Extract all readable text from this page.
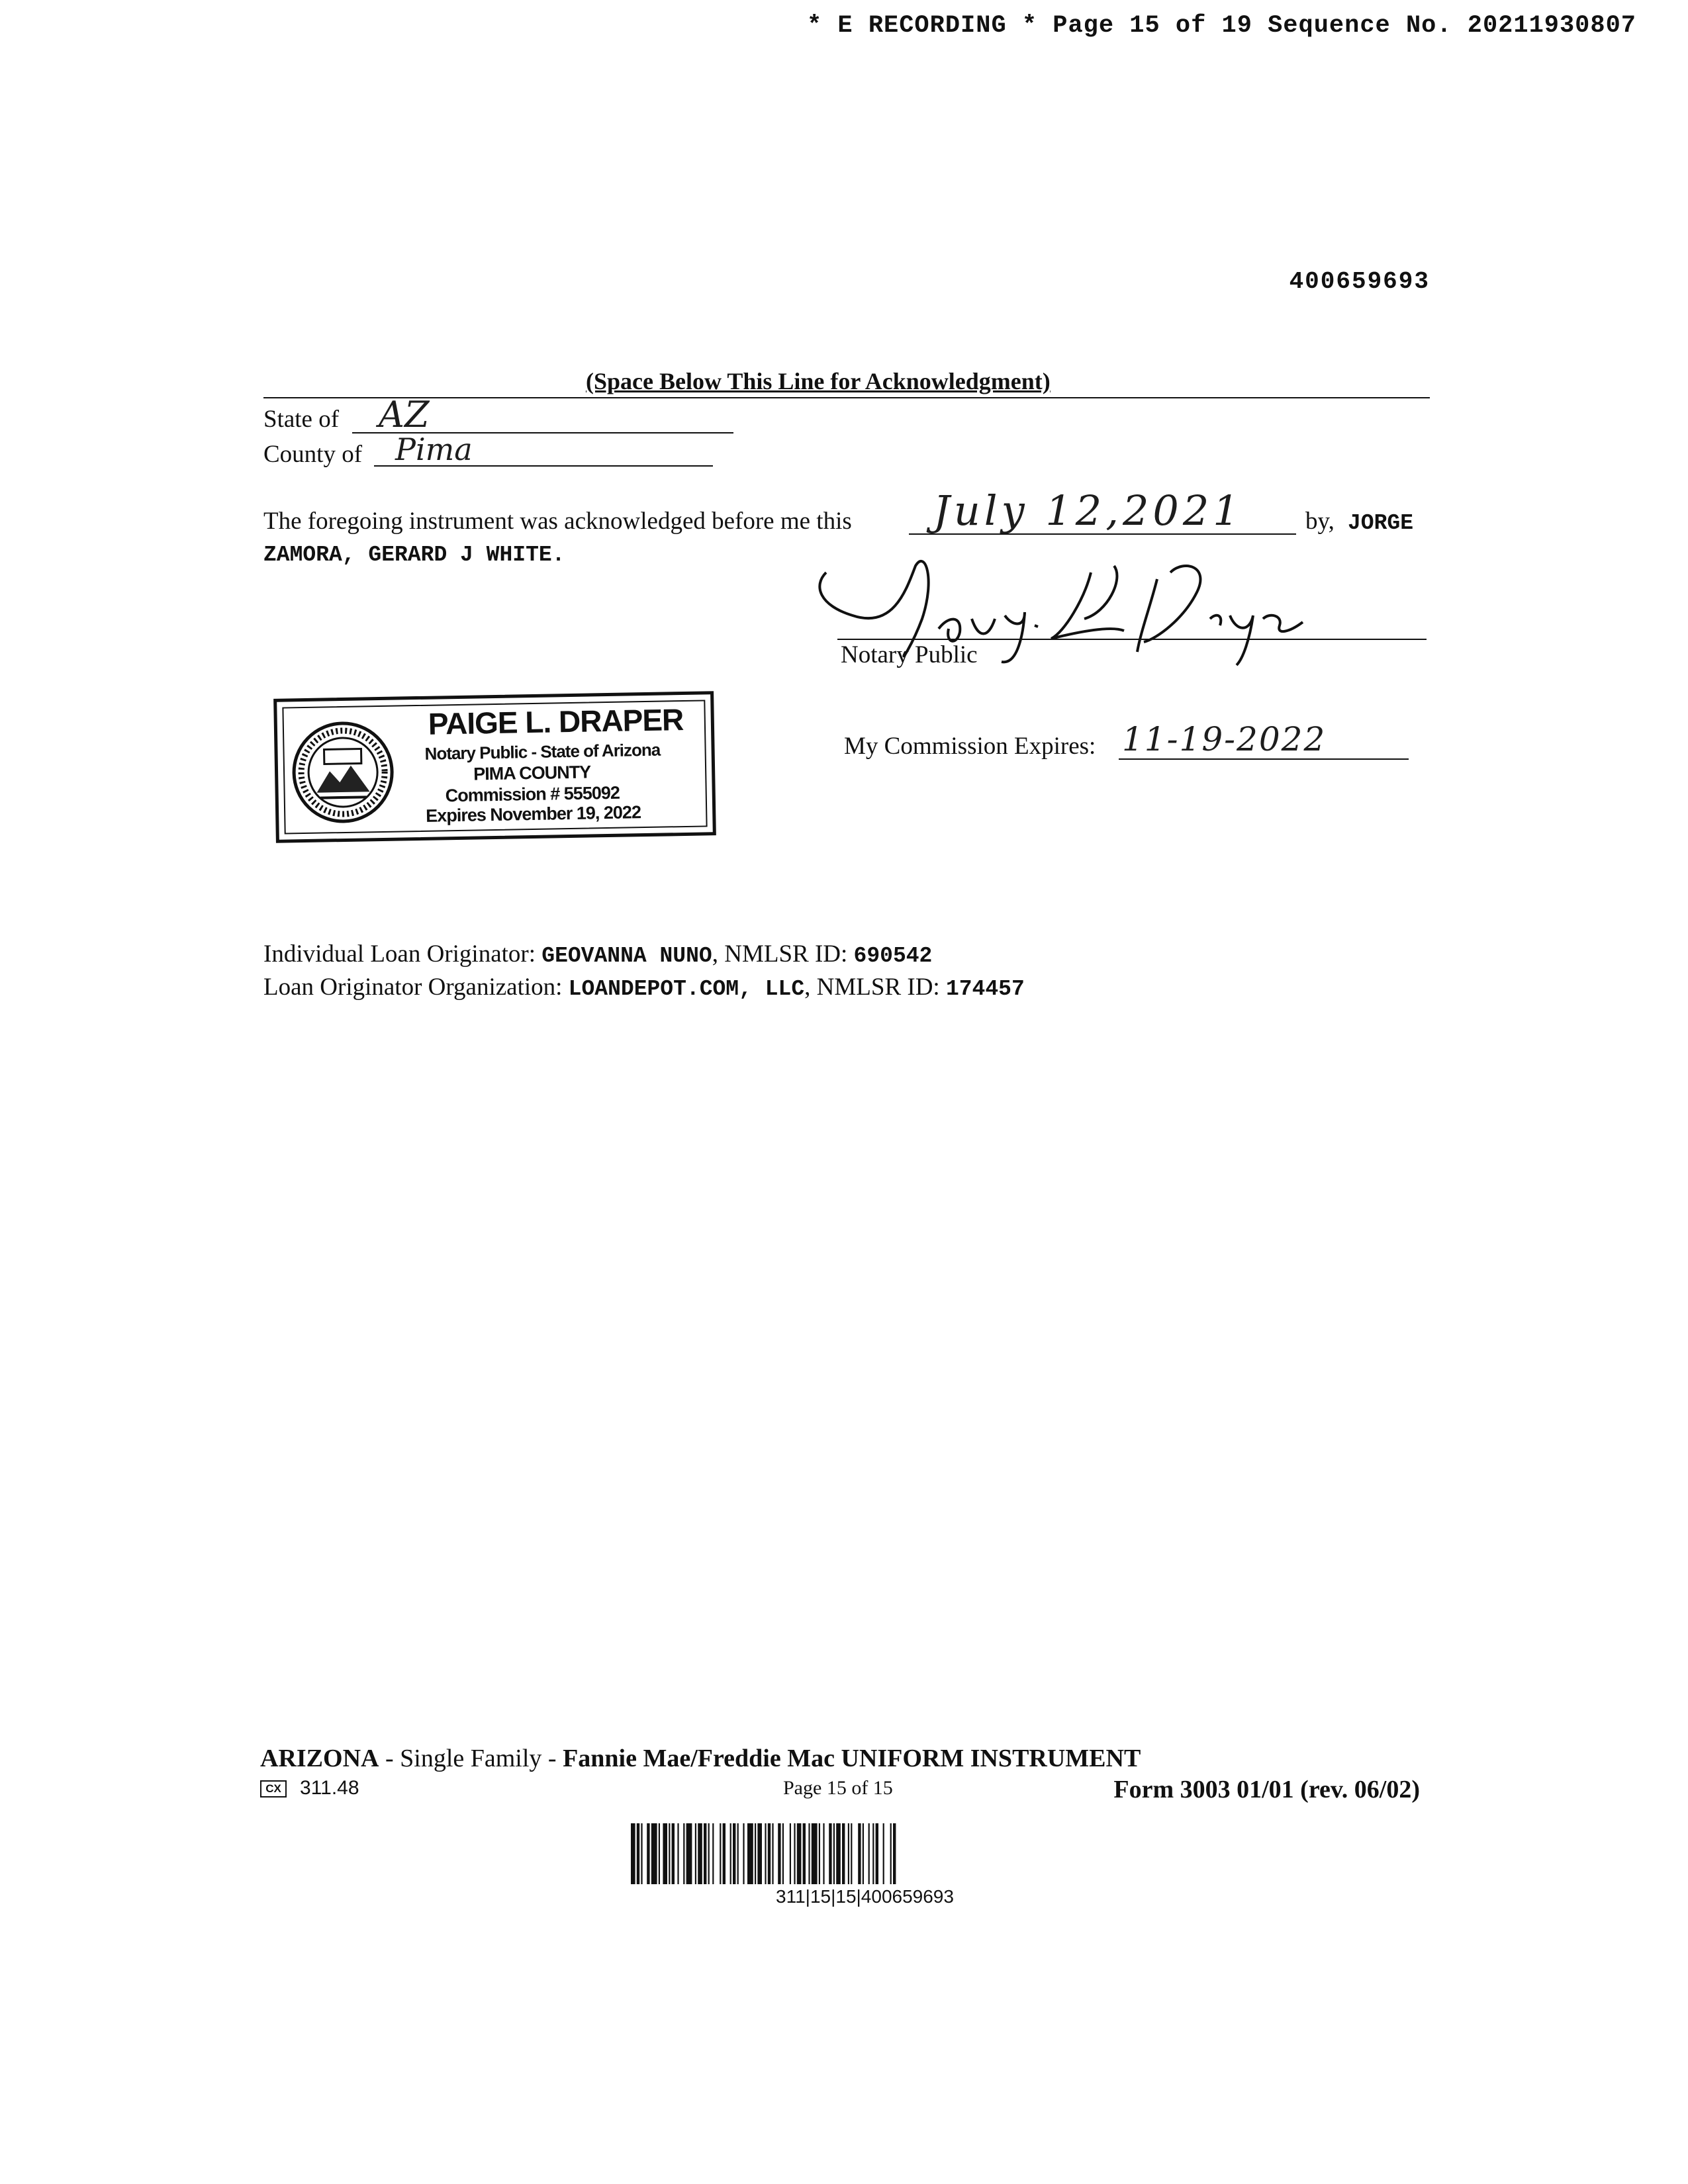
* E RECORDING * Page 15 of 19 Sequence No. 20211930807
400659693
(Space Below This Line for Acknowledgment)
State of AZ
County of Pima
The foregoing instrument was acknowledged before me this July 12,2021	by, JORGE
ZAMORA, GERARD J WHITE.
Notary Public
PAIGE L. DRAPER
Notary Public - State of Arizona
PIMA COUNTY
Commission # 555092
Expires November 19, 2022
My Commission Expires: 11-19-2022
Individual Loan Originator: GEOVANNA NUNO, NMLSR ID: 690542
Loan Originator Organization: LOANDEPOT.COM, LLC, NMLSR ID: 174457
ARIZONA - Single Family - Fannie Mae/Freddie Mac UNIFORM INSTRUMENT
CX 311.48	Page 15 of 15	Form 3003 01/01 (rev. 06/02)
311|15|15|400659693
